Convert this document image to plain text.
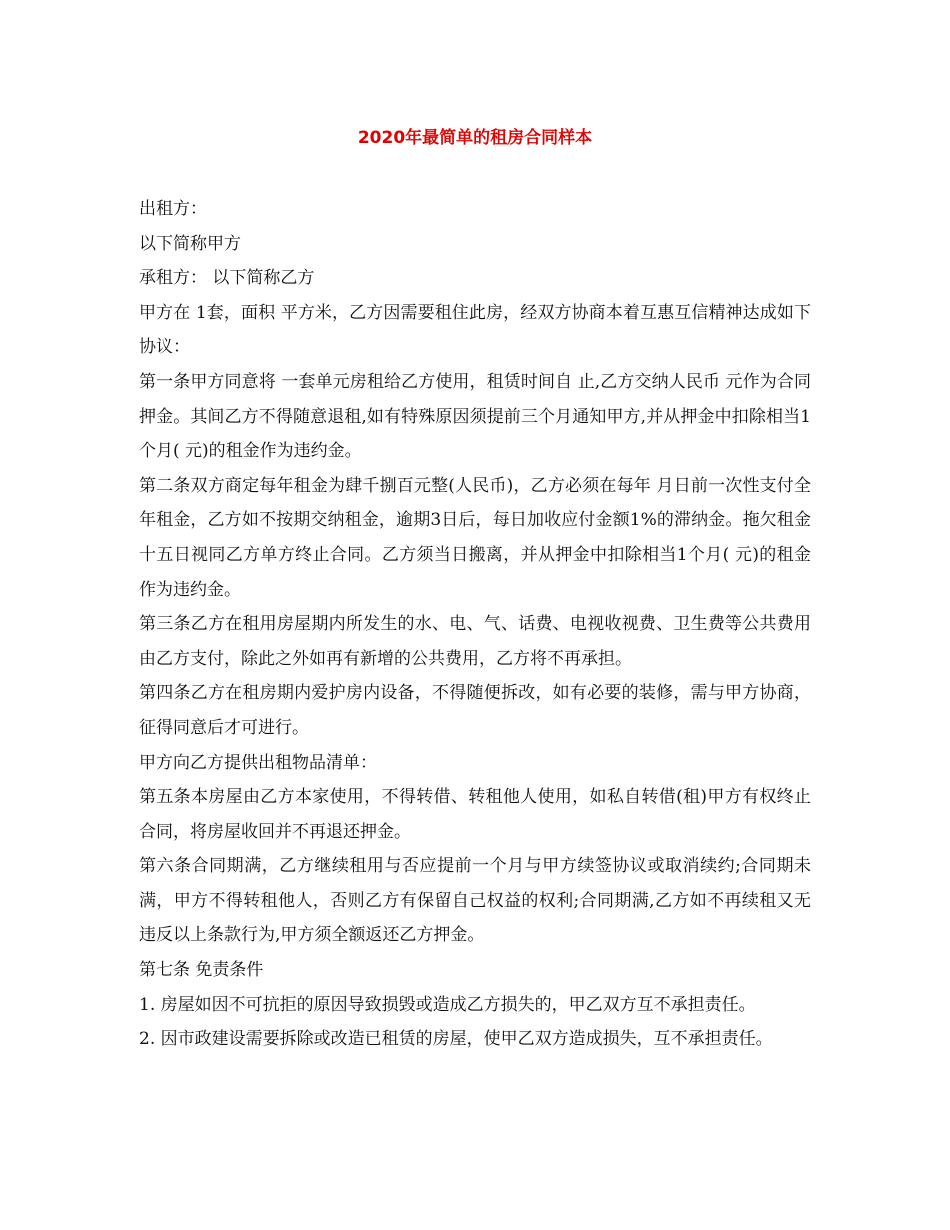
2020年最简单的租房合同样本

出租方：

以下简称甲方

承租方： 以下简称乙方

甲方在 1套，面积 平方米，乙方因需要租住此房，经双方协商本着互惠互信精神达成如下协议：

第一条甲方同意将 一套单元房租给乙方使用，租赁时间自 止,乙方交纳人民币 元作为合同押金。其间乙方不得随意退租,如有特殊原因须提前三个月通知甲方,并从押金中扣除相当1个月( 元)的租金作为违约金。

第二条双方商定每年租金为肆千捌百元整(人民币)，乙方必须在每年 月日前一次性支付全年租金，乙方如不按期交纳租金，逾期3日后，每日加收应付金额1%的滞纳金。拖欠租金十五日视同乙方单方终止合同。乙方须当日搬离，并从押金中扣除相当1个月( 元)的租金作为违约金。

第三条乙方在租用房屋期内所发生的水、电、气、话费、电视收视费、卫生费等公共费用由乙方支付，除此之外如再有新增的公共费用，乙方将不再承担。

第四条乙方在租房期内爱护房内设备，不得随便拆改，如有必要的装修，需与甲方协商，征得同意后才可进行。

甲方向乙方提供出租物品清单：

第五条本房屋由乙方本家使用，不得转借、转租他人使用，如私自转借(租)甲方有权终止合同，将房屋收回并不再退还押金。

第六条合同期满，乙方继续租用与否应提前一个月与甲方续签协议或取消续约;合同期未满，甲方不得转租他人，否则乙方有保留自己权益的权利;合同期满,乙方如不再续租又无违反以上条款行为,甲方须全额返还乙方押金。

第七条 免责条件

1. 房屋如因不可抗拒的原因导致损毁或造成乙方损失的，甲乙双方互不承担责任。

2. 因市政建设需要拆除或改造已租赁的房屋，使甲乙双方造成损失，互不承担责任。
